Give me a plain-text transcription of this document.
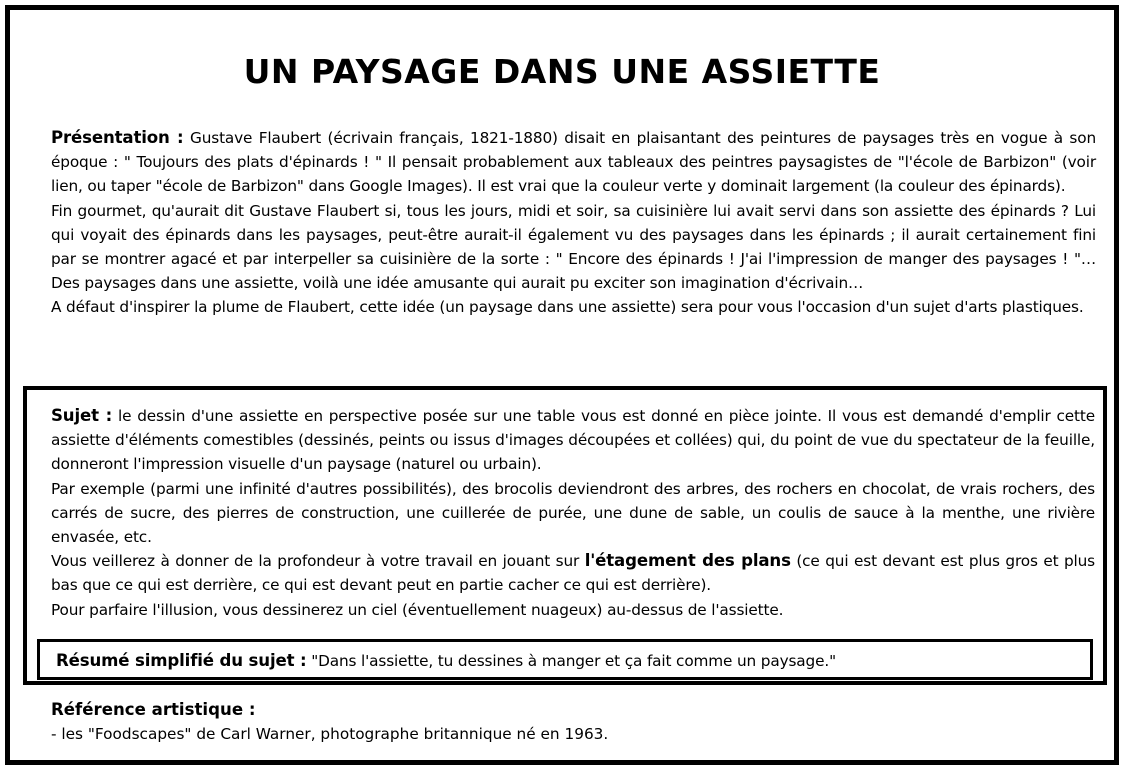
UN PAYSAGE DANS UNE ASSIETTE

Présentation : Gustave Flaubert (écrivain français, 1821-1880) disait en plaisantant des peintures de paysages très en vogue à son époque : " Toujours des plats d'épinards ! " Il pensait probablement aux tableaux des peintres paysagistes de "l'école de Barbizon" (voir lien, ou taper "école de Barbizon" dans Google Images). Il est vrai que la couleur verte y dominait largement (la couleur des épinards).

Fin gourmet, qu'aurait dit Gustave Flaubert si, tous les jours, midi et soir, sa cuisinière lui avait servi dans son assiette des épinards ? Lui qui voyait des épinards dans les paysages, peut-être aurait-il également vu des paysages dans les épinards ; il aurait certainement fini par se montrer agacé et par interpeller sa cuisinière de la sorte : " Encore des épinards ! J'ai l'impression de manger des paysages ! "… Des paysages dans une assiette, voilà une idée amusante qui aurait pu exciter son imagination d'écrivain…

A défaut d'inspirer la plume de Flaubert, cette idée (un paysage dans une assiette) sera pour vous l'occasion d'un sujet d'arts plastiques.

Sujet : le dessin d'une assiette en perspective posée sur une table vous est donné en pièce jointe. Il vous est demandé d'emplir cette assiette d'éléments comestibles (dessinés, peints ou issus d'images découpées et collées) qui, du point de vue du spectateur de la feuille, donneront l'impression visuelle d'un paysage (naturel ou urbain).

Par exemple (parmi une infinité d'autres possibilités), des brocolis deviendront des arbres, des rochers en chocolat, de vrais rochers, des carrés de sucre, des pierres de construction, une cuillerée de purée, une dune de sable, un coulis de sauce à la menthe, une rivière envasée, etc.

Vous veillerez à donner de la profondeur à votre travail en jouant sur l'étagement des plans (ce qui est devant est plus gros et plus bas que ce qui est derrière, ce qui est devant peut en partie cacher ce qui est derrière).

Pour parfaire l'illusion, vous dessinerez un ciel (éventuellement nuageux) au-dessus de l'assiette.

Résumé simplifié du sujet : "Dans l'assiette, tu dessines à manger et ça fait comme un paysage."

Référence artistique :

- les "Foodscapes" de Carl Warner, photographe britannique né en 1963.
